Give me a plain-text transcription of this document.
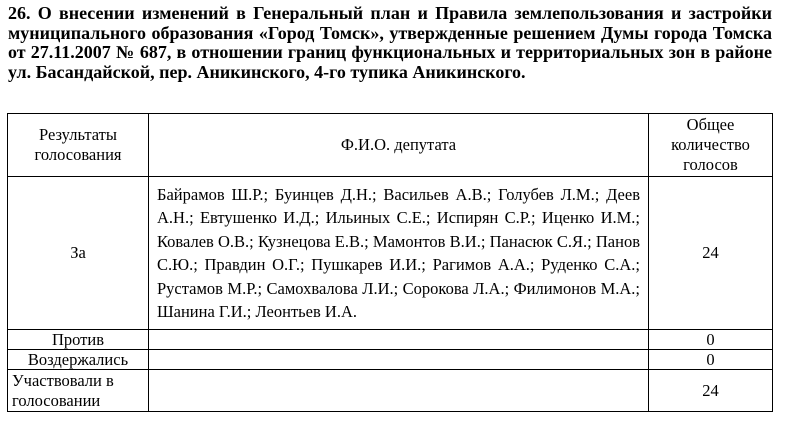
26. О внесении изменений в Генеральный план и Правила землепользования и застройки муниципального образования «Город Томск», утвержденные решением Думы города Томска от 27.11.2007 № 687, в отношении границ функциональных и территориальных зон в районе ул. Басандайской, пер. Аникинского, 4-го тупика Аникинского.
Результаты голосования	Ф.И.О. депутата	Общее количество голосов
За	Байрамов Ш.Р.; Буинцев Д.Н.; Васильев А.В.; Голубев Л.М.; Деев А.Н.; Евтушенко И.Д.; Ильиных С.Е.; Испирян С.Р.; Иценко И.М.; Ковалев О.В.; Кузнецова Е.В.; Мамонтов В.И.; Панасюк С.Я.; Панов С.Ю.; Правдин О.Г.; Пушкарев И.И.; Рагимов А.А.; Руденко С.А.; Рустамов М.Р.; Самохвалова Л.И.; Сорокова Л.А.; Филимонов М.А.; Шанина Г.И.; Леонтьев И.А.	24
Против		0
Воздержались		0
Участвовали в голосовании		24
